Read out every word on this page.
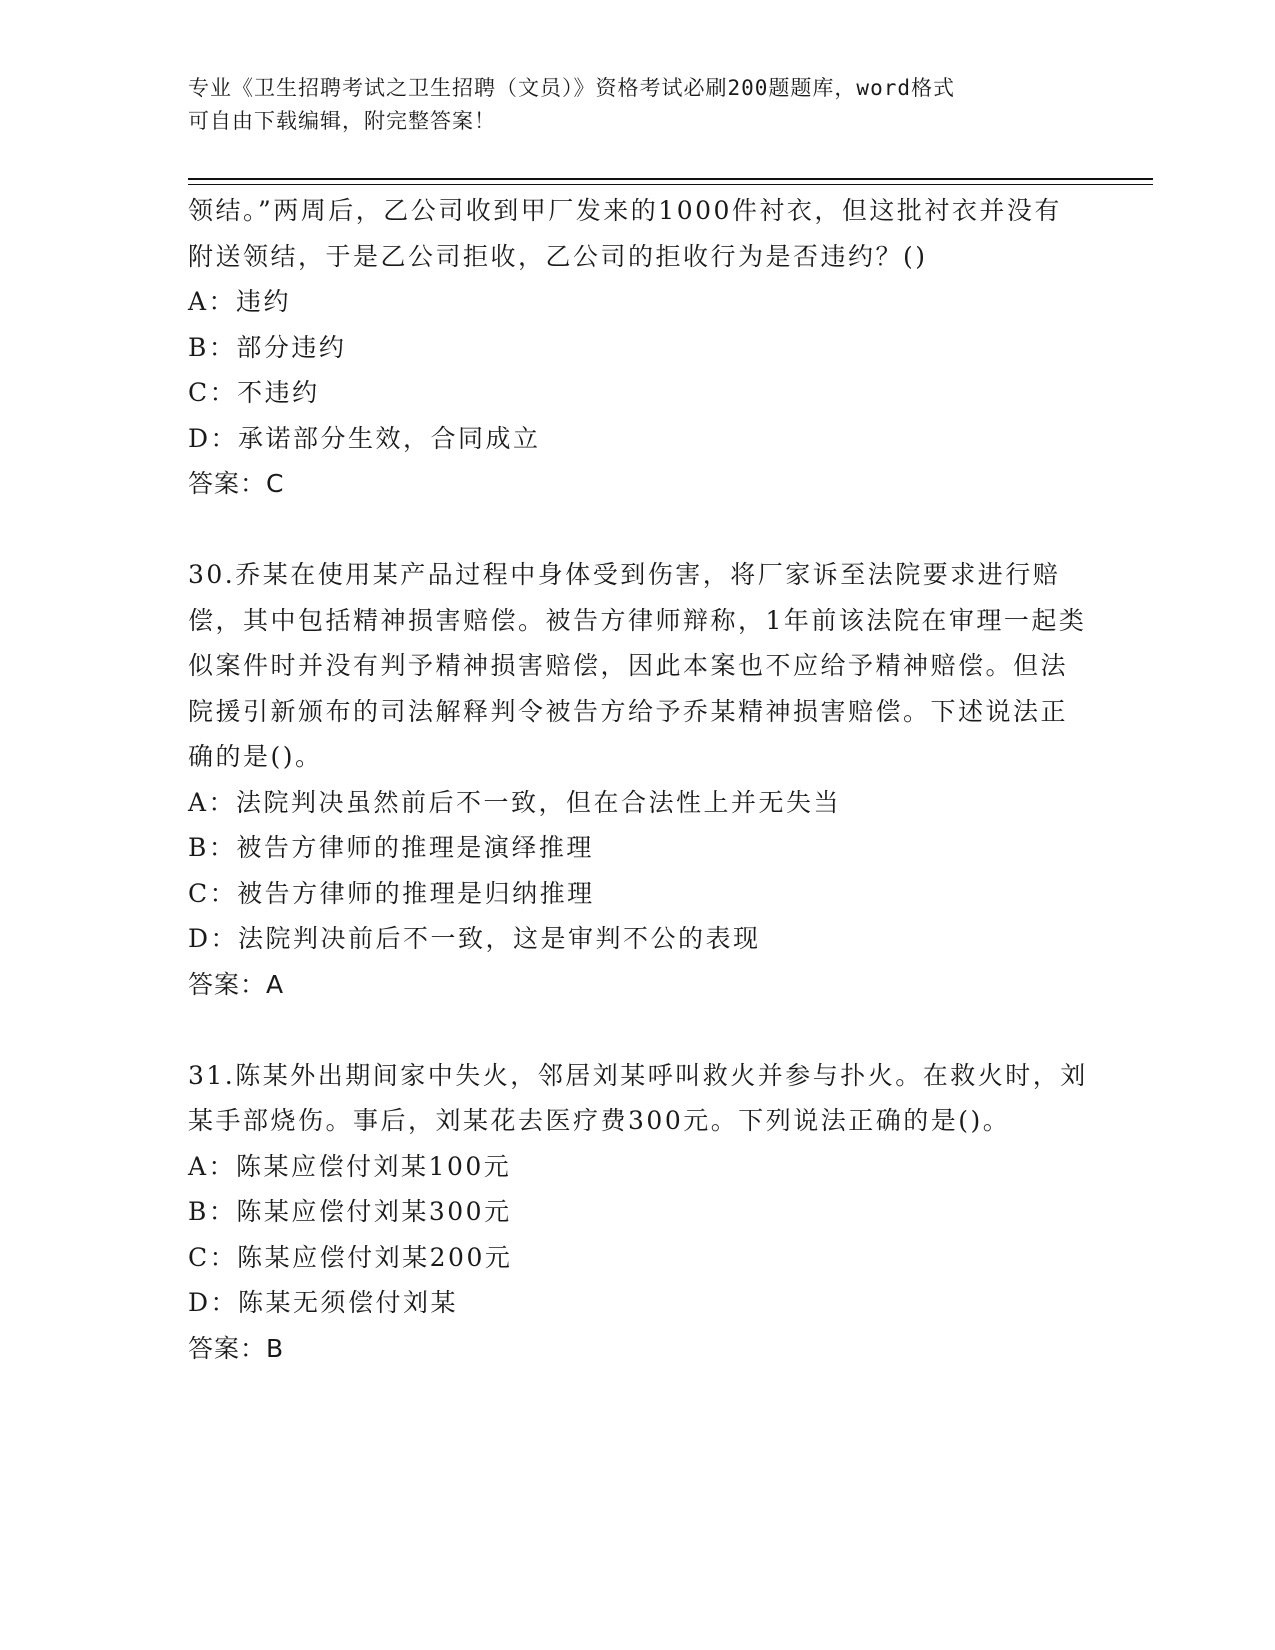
专业《卫生招聘考试之卫生招聘（文员）》资格考试必刷200题题库，word格式
可自由下载编辑，附完整答案！

领结。”两周后，乙公司收到甲厂发来的1000件衬衣，但这批衬衣并没有附送领结，于是乙公司拒收，乙公司的拒收行为是否违约？()

A：违约

B：部分违约

C：不违约

D：承诺部分生效，合同成立

答案：C

30.乔某在使用某产品过程中身体受到伤害，将厂家诉至法院要求进行赔偿，其中包括精神损害赔偿。被告方律师辩称，1年前该法院在审理一起类似案件时并没有判予精神损害赔偿，因此本案也不应给予精神赔偿。但法院援引新颁布的司法解释判令被告方给予乔某精神损害赔偿。下述说法正确的是()。

A：法院判决虽然前后不一致，但在合法性上并无失当

B：被告方律师的推理是演绎推理

C：被告方律师的推理是归纳推理

D：法院判决前后不一致，这是审判不公的表现

答案：A

31.陈某外出期间家中失火，邻居刘某呼叫救火并参与扑火。在救火时，刘某手部烧伤。事后，刘某花去医疗费300元。下列说法正确的是()。

A：陈某应偿付刘某100元

B：陈某应偿付刘某300元

C：陈某应偿付刘某200元

D：陈某无须偿付刘某

答案：B
